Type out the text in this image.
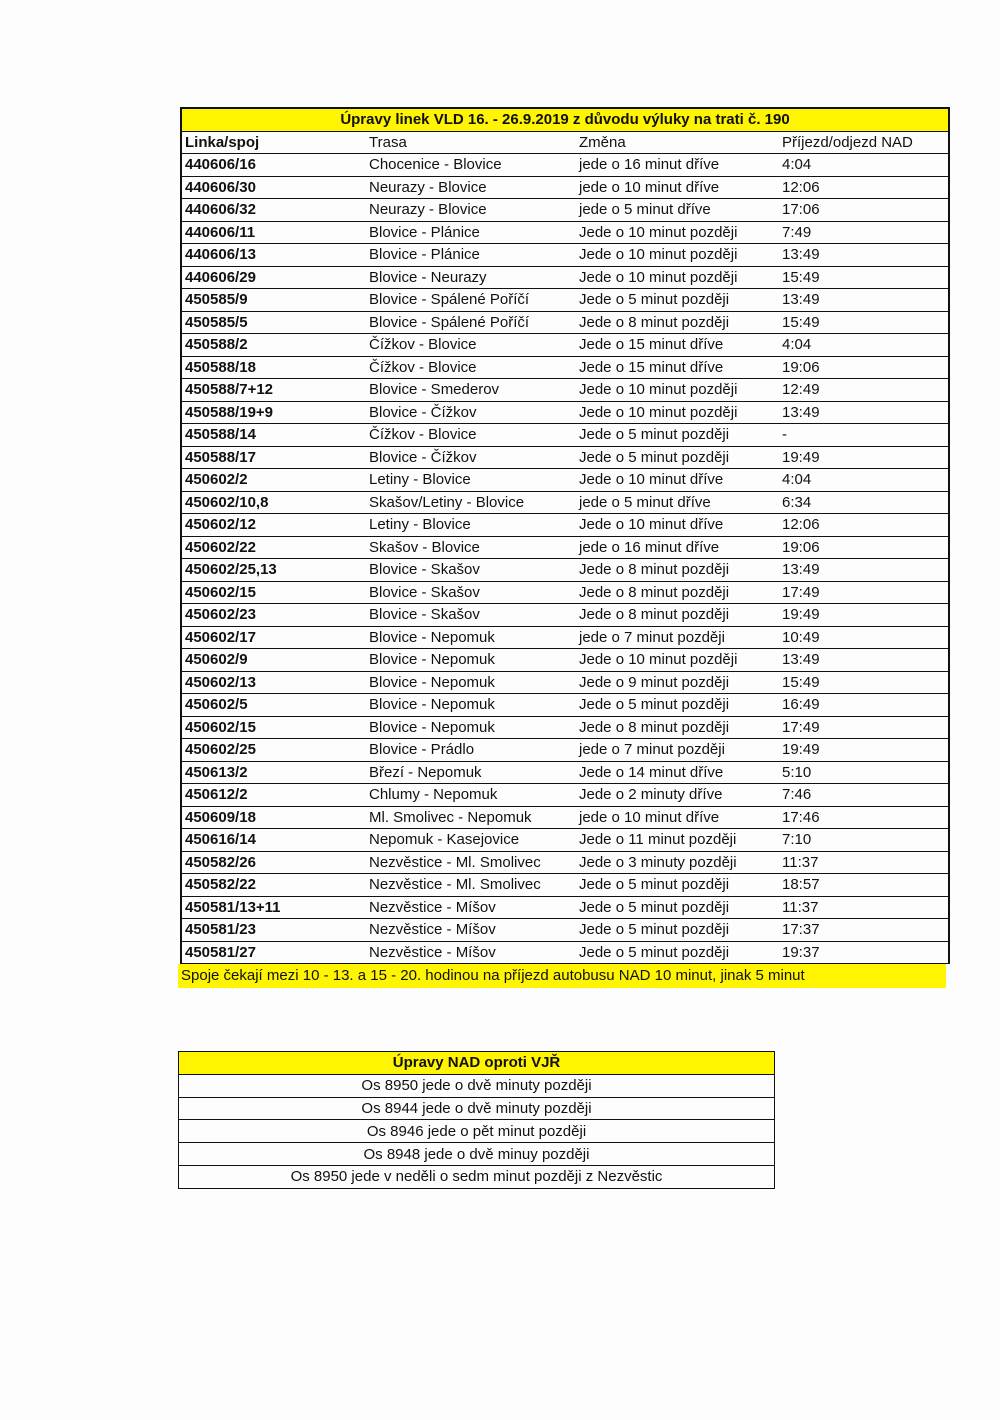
Úpravy linek VLD 16. - 26.9.2019 z důvodu výluky na trati č. 190			
Linka/spoj	Trasa	Změna	Příjezd/odjezd NAD
440606/16	Chocenice - Blovice	jede o 16 minut dříve	4:04
440606/30	Neurazy - Blovice	jede o 10 minut dříve	12:06
440606/32	Neurazy - Blovice	jede o 5 minut dříve	17:06
440606/11	Blovice - Plánice	Jede o 10 minut později	7:49
440606/13	Blovice - Plánice	Jede o 10 minut později	13:49
440606/29	Blovice - Neurazy	Jede o 10 minut později	15:49
450585/9	Blovice - Spálené Poříčí	Jede o 5 minut později	13:49
450585/5	Blovice - Spálené Poříčí	Jede o 8 minut později	15:49
450588/2	Čížkov - Blovice	Jede o 15 minut dříve	4:04
450588/18	Čížkov - Blovice	Jede o 15 minut dříve	19:06
450588/7+12	Blovice - Smederov	Jede o 10 minut později	12:49
450588/19+9	Blovice - Čížkov	Jede o 10 minut později	13:49
450588/14	Čížkov - Blovice	Jede o 5 minut později	-
450588/17	Blovice - Čížkov	Jede o 5 minut později	19:49
450602/2	Letiny - Blovice	Jede o 10 minut dříve	4:04
450602/10,8	Skašov/Letiny - Blovice	jede o 5 minut dříve	6:34
450602/12	Letiny - Blovice	Jede o 10 minut dříve	12:06
450602/22	Skašov - Blovice	jede o 16 minut dříve	19:06
450602/25,13	Blovice - Skašov	Jede o 8 minut později	13:49
450602/15	Blovice - Skašov	Jede o 8 minut později	17:49
450602/23	Blovice - Skašov	Jede o 8 minut později	19:49
450602/17	Blovice - Nepomuk	jede o 7 minut později	10:49
450602/9	Blovice - Nepomuk	Jede o 10 minut později	13:49
450602/13	Blovice - Nepomuk	Jede o 9 minut později	15:49
450602/5	Blovice - Nepomuk	Jede o 5 minut později	16:49
450602/15	Blovice - Nepomuk	Jede o 8 minut později	17:49
450602/25	Blovice - Prádlo	jede o 7 minut později	19:49
450613/2	Březí - Nepomuk	Jede o 14 minut dříve	5:10
450612/2	Chlumy - Nepomuk	Jede o 2 minuty dříve	7:46
450609/18	Ml. Smolivec - Nepomuk	jede o 10 minut dříve	17:46
450616/14	Nepomuk - Kasejovice	Jede o 11 minut později	7:10
450582/26	Nezvěstice - Ml. Smolivec	Jede o 3 minuty později	11:37
450582/22	Nezvěstice - Ml. Smolivec	Jede o 5 minut později	18:57
450581/13+11	Nezvěstice - Míšov	Jede o 5 minut později	11:37
450581/23	Nezvěstice - Míšov	Jede o 5 minut později	17:37
450581/27	Nezvěstice - Míšov	Jede o 5 minut později	19:37
Spoje čekají mezi 10 - 13. a 15 - 20. hodinou na příjezd autobusu NAD 10 minut, jinak 5 minut
Úpravy NAD oproti VJŘ
Os 8950 jede o dvě minuty později
Os 8944 jede o dvě minuty později
Os 8946 jede o pět minut později
Os 8948 jede o dvě minuy později
Os 8950 jede v neděli o sedm minut později z Nezvěstic
